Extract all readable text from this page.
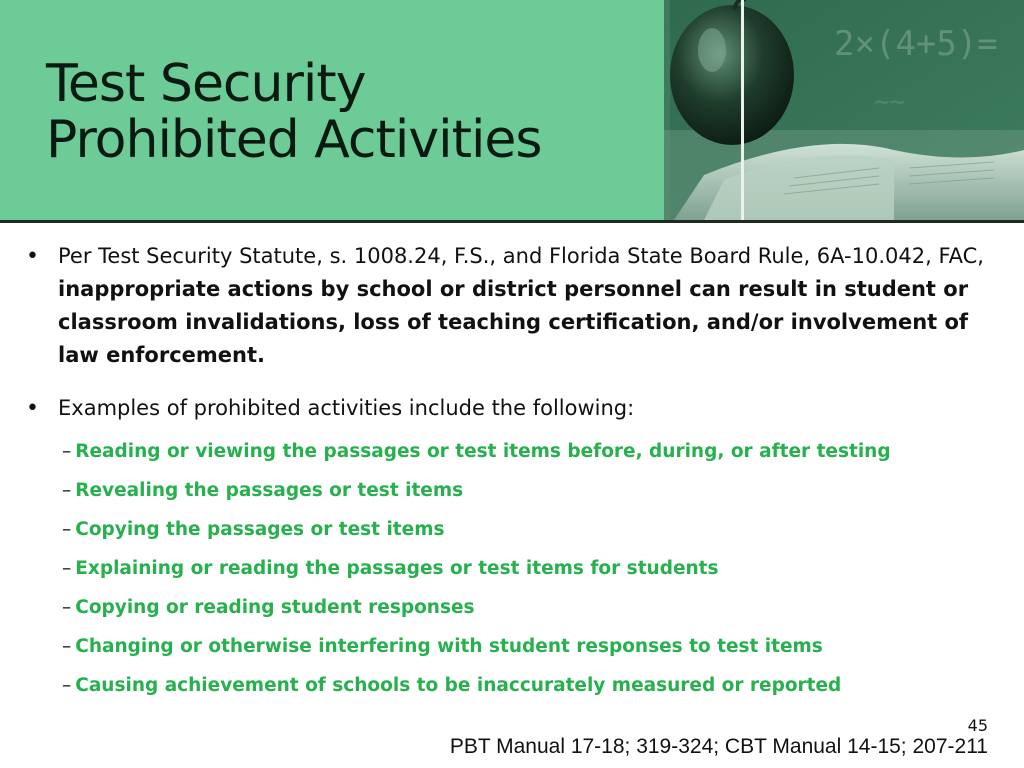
Test Security
Prohibited Activities
2×(4+5)=
~~
• Per Test Security Statute, s. 1008.24, F.S., and Florida State Board Rule, 6A-10.042, FAC, inappropriate actions by school or district personnel can result in student or classroom invalidations, loss of teaching certification, and/or involvement of law enforcement.
• Examples of prohibited activities include the following:
– Reading or viewing the passages or test items before, during, or after testing
– Revealing the passages or test items
– Copying the passages or test items
– Explaining or reading the passages or test items for students
– Copying or reading student responses
– Changing or otherwise interfering with student responses to test items
– Causing achievement of schools to be inaccurately measured or reported
45
PBT Manual 17-18; 319-324; CBT Manual 14-15; 207-211
